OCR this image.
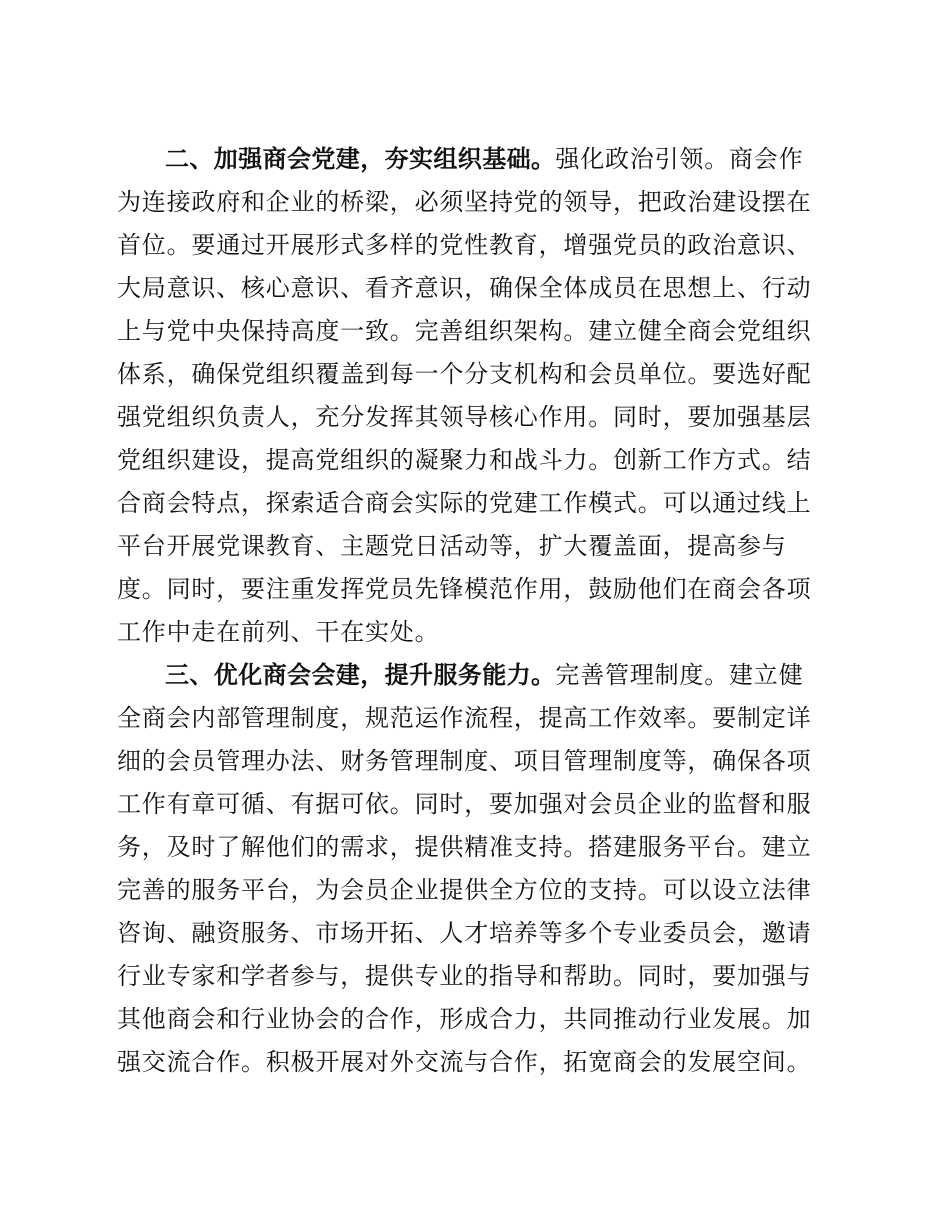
二、加强商会党建，夯实组织基础。强化政治引领。商会作
为连接政府和企业的桥梁，必须坚持党的领导，把政治建设摆在
首位。要通过开展形式多样的党性教育，增强党员的政治意识、
大局意识、核心意识、看齐意识，确保全体成员在思想上、行动
上与党中央保持高度一致。完善组织架构。建立健全商会党组织
体系，确保党组织覆盖到每一个分支机构和会员单位。要选好配
强党组织负责人，充分发挥其领导核心作用。同时，要加强基层
党组织建设，提高党组织的凝聚力和战斗力。创新工作方式。结
合商会特点，探索适合商会实际的党建工作模式。可以通过线上
平台开展党课教育、主题党日活动等，扩大覆盖面，提高参与
度。同时，要注重发挥党员先锋模范作用，鼓励他们在商会各项
工作中走在前列、干在实处。
三、优化商会会建，提升服务能力。完善管理制度。建立健
全商会内部管理制度，规范运作流程，提高工作效率。要制定详
细的会员管理办法、财务管理制度、项目管理制度等，确保各项
工作有章可循、有据可依。同时，要加强对会员企业的监督和服
务，及时了解他们的需求，提供精准支持。搭建服务平台。建立
完善的服务平台，为会员企业提供全方位的支持。可以设立法律
咨询、融资服务、市场开拓、人才培养等多个专业委员会，邀请
行业专家和学者参与，提供专业的指导和帮助。同时，要加强与
其他商会和行业协会的合作，形成合力，共同推动行业发展。加
强交流合作。积极开展对外交流与合作，拓宽商会的发展空间。
